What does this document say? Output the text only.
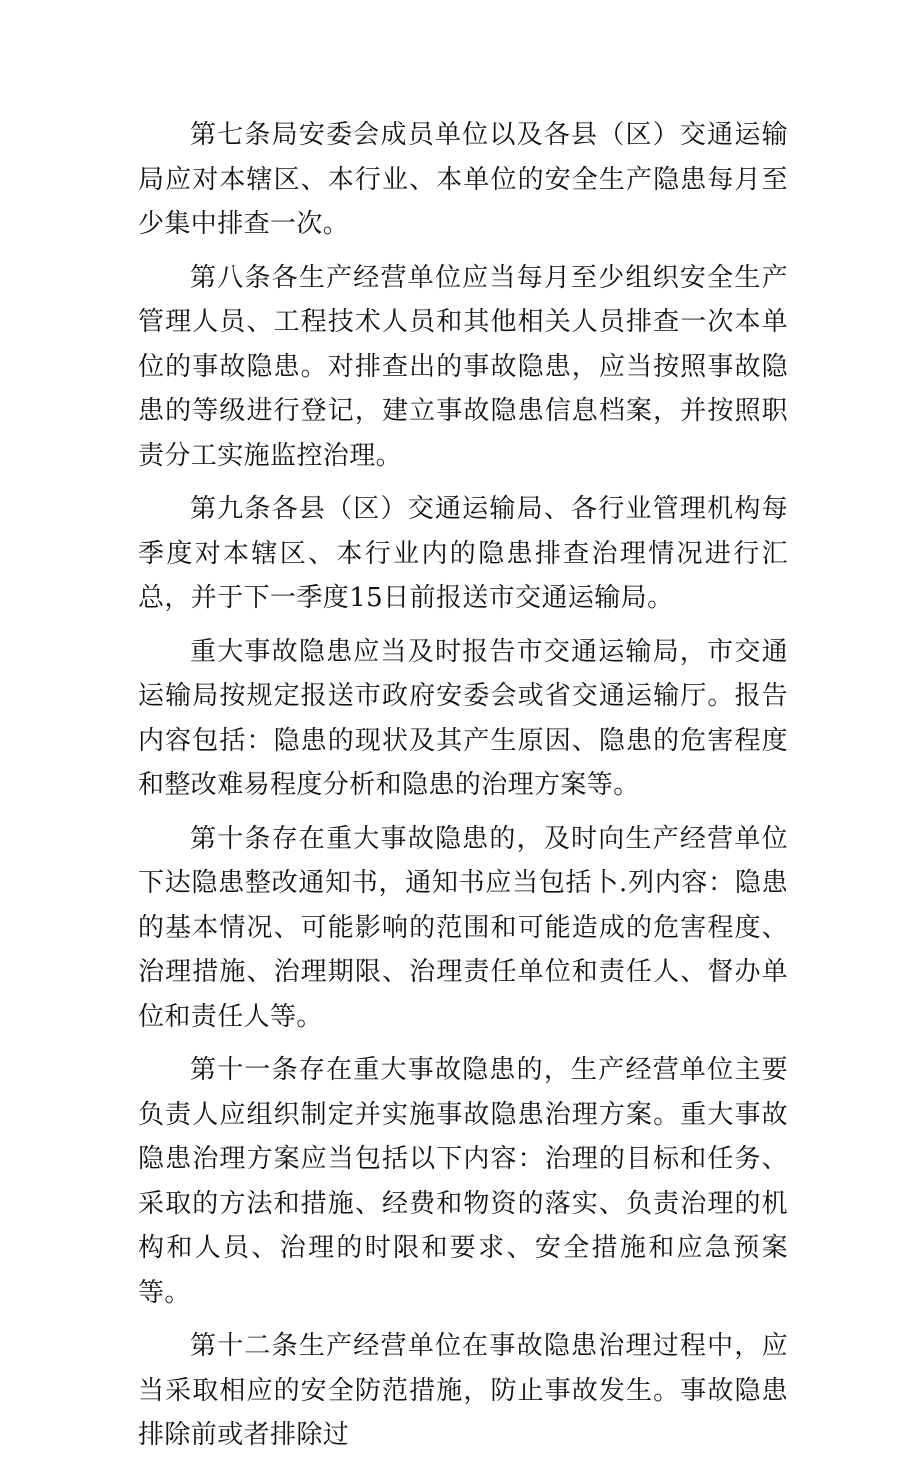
第七条局安委会成员单位以及各县（区）交通运输局应对本辖区、本行业、本单位的安全生产隐患每月至少集中排查一次。

第八条各生产经营单位应当每月至少组织安全生产管理人员、工程技术人员和其他相关人员排查一次本单位的事故隐患。对排查出的事故隐患，应当按照事故隐患的等级进行登记，建立事故隐患信息档案，并按照职责分工实施监控治理。

第九条各县（区）交通运输局、各行业管理机构每季度对本辖区、本行业内的隐患排查治理情况进行汇总，并于下一季度15日前报送市交通运输局。

重大事故隐患应当及时报告市交通运输局，市交通运输局按规定报送市政府安委会或省交通运输厅。报告内容包括：隐患的现状及其产生原因、隐患的危害程度和整改难易程度分析和隐患的治理方案等。

第十条存在重大事故隐患的，及时向生产经营单位下达隐患整改通知书，通知书应当包括卜.列内容：隐患的基本情况、可能影响的范围和可能造成的危害程度、治理措施、治理期限、治理责任单位和责任人、督办单位和责任人等。

第十一条存在重大事故隐患的，生产经营单位主要负责人应组织制定并实施事故隐患治理方案。重大事故隐患治理方案应当包括以下内容：治理的目标和任务、采取的方法和措施、经费和物资的落实、负责治理的机构和人员、治理的时限和要求、安全措施和应急预案等。

第十二条生产经营单位在事故隐患治理过程中，应当采取相应的安全防范措施，防止事故发生。事故隐患排除前或者排除过
